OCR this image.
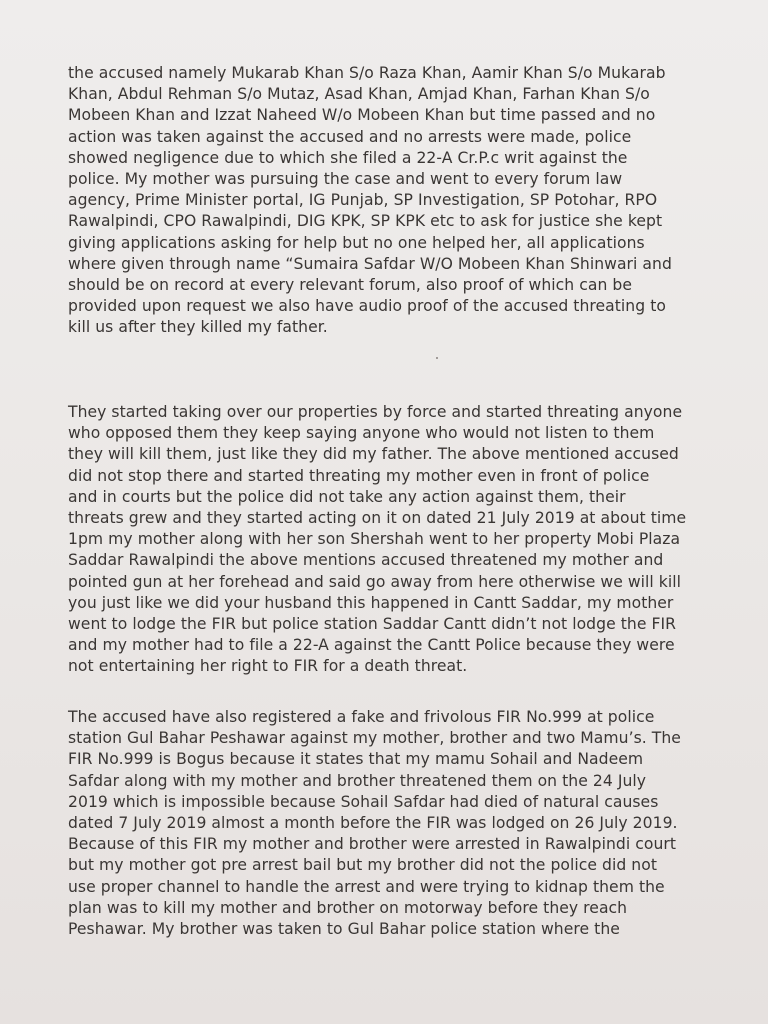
the accused namely Mukarab Khan S/o Raza Khan, Aamir Khan S/o Mukarab
Khan, Abdul Rehman S/o Mutaz, Asad Khan, Amjad Khan, Farhan Khan S/o
Mobeen Khan and Izzat Naheed W/o Mobeen Khan but time passed and no
action was taken against the accused and no arrests were made, police
showed negligence due to which she filed a 22-A Cr.P.c writ against the
police. My mother was pursuing the case and went to every forum law
agency, Prime Minister portal, IG Punjab, SP Investigation, SP Potohar, RPO
Rawalpindi, CPO Rawalpindi, DIG KPK, SP KPK etc to ask for justice she kept
giving applications asking for help but no one helped her, all applications
where given through name “Sumaira Safdar W/O Mobeen Khan Shinwari and
should be on record at every relevant forum, also proof of which can be
provided upon request we also have audio proof of the accused threating to
kill us after they killed my father.
They started taking over our properties by force and started threating anyone
who opposed them they keep saying anyone who would not listen to them
they will kill them, just like they did my father. The above mentioned accused
did not stop there and started threating my mother even in front of police
and in courts but the police did not take any action against them, their
threats grew and they started acting on it on dated 21 July 2019 at about time
1pm my mother along with her son Shershah went to her property Mobi Plaza
Saddar Rawalpindi the above mentions accused threatened my mother and
pointed gun at her forehead and said go away from here otherwise we will kill
you just like we did your husband this happened in Cantt Saddar, my mother
went to lodge the FIR but police station Saddar Cantt didn’t not lodge the FIR
and my mother had to file a 22-A against the Cantt Police because they were
not entertaining her right to FIR for a death threat.
The accused have also registered a fake and frivolous FIR No.999 at police
station Gul Bahar Peshawar against my mother, brother and two Mamu’s. The
FIR No.999 is Bogus because it states that my mamu Sohail and Nadeem
Safdar along with my mother and brother threatened them on the 24 July
2019 which is impossible because Sohail Safdar had died of natural causes
dated 7 July 2019 almost a month before the FIR was lodged on 26 July 2019.
Because of this FIR my mother and brother were arrested in Rawalpindi court
but my mother got pre arrest bail but my brother did not the police did not
use proper channel to handle the arrest and were trying to kidnap them the
plan was to kill my mother and brother on motorway before they reach
Peshawar. My brother was taken to Gul Bahar police station where the
